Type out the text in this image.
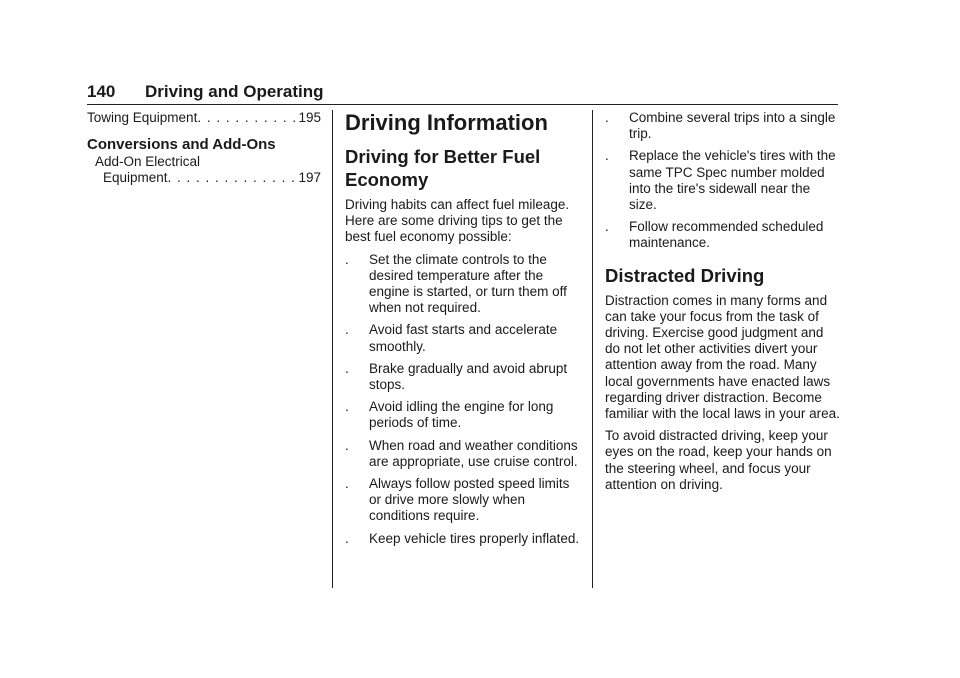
140 Driving and Operating
Towing Equipment . . .	195
Conversions and Add-Ons
Add-On Electrical
Equipment . . .	197
Driving Information
Driving for Better Fuel Economy

Driving habits can affect fuel mileage. Here are some driving tips to get the best fuel economy possible:

.	Set the climate controls to the desired temperature after the engine is started, or turn them off when not required.
.	Avoid fast starts and accelerate smoothly.
.	Brake gradually and avoid abrupt stops.
.	Avoid idling the engine for long periods of time.
.	When road and weather conditions are appropriate, use cruise control.
.	Always follow posted speed limits or drive more slowly when conditions require.
.	Keep vehicle tires properly inflated.
.	Combine several trips into a single trip.
.	Replace the vehicle's tires with the same TPC Spec number molded into the tire's sidewall near the size.
.	Follow recommended scheduled maintenance.
Distracted Driving

Distraction comes in many forms and can take your focus from the task of driving. Exercise good judgment and do not let other activities divert your attention away from the road. Many local governments have enacted laws regarding driver distraction. Become familiar with the local laws in your area.

To avoid distracted driving, keep your eyes on the road, keep your hands on the steering wheel, and focus your attention on driving.
